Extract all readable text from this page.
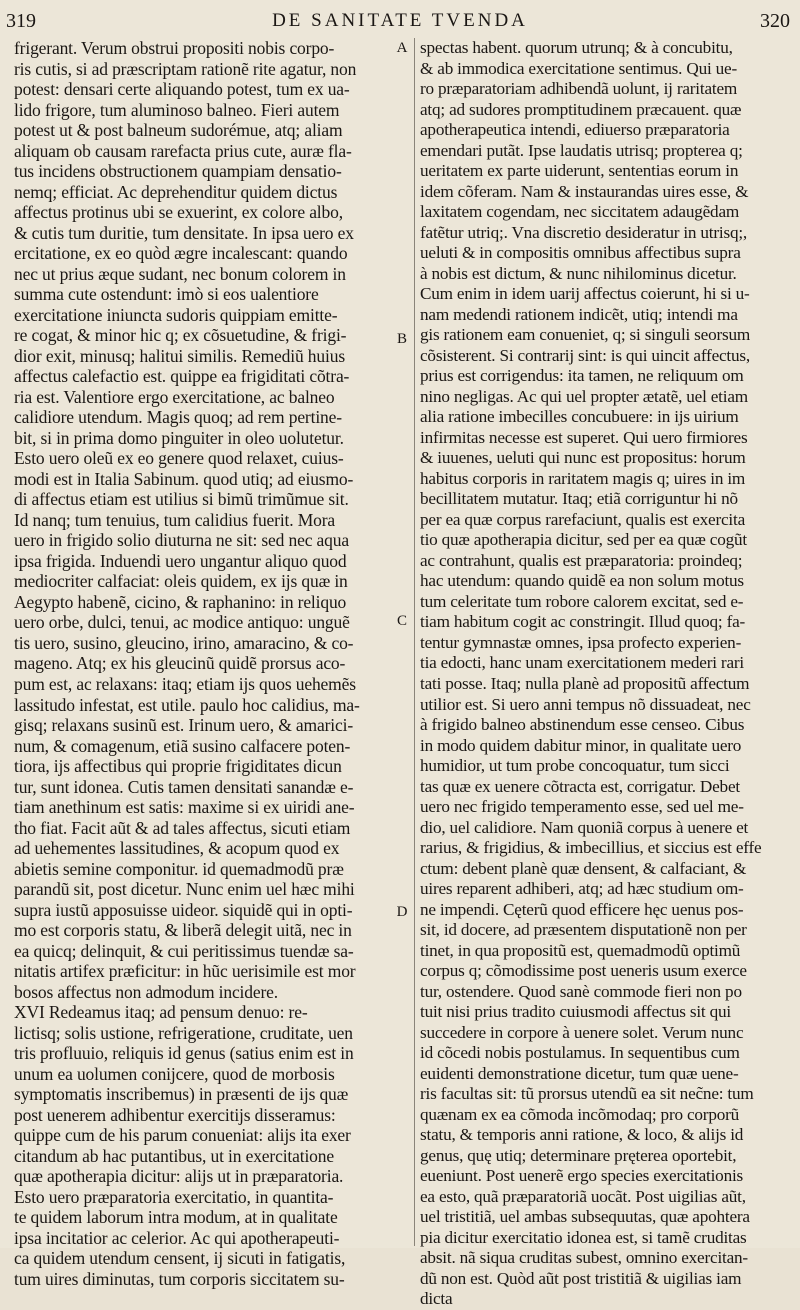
319	DE SANITATE TVENDA	320
frigerant. Verum obstrui propositi nobis corpo-
ris cutis, si ad præscriptam rationẽ rite agatur, non
potest: densari certe aliquando potest, tum ex ua-
lido frigore, tum aluminoso balneo. Fieri autem
potest ut & post balneum sudorémue, atq; aliam
aliquam ob causam rarefacta prius cute, auræ fla-
tus incidens obstructionem quampiam densatio-
nemq; efficiat. Ac deprehenditur quidem dictus
affectus protinus ubi se exuerint, ex colore albo,
& cutis tum duritie, tum densitate. In ipsa uero ex
ercitatione, ex eo quòd ægre incalescant: quando
nec ut prius æque sudant, nec bonum colorem in
summa cute ostendunt: imò si eos ualentiore
exercitatione iniuncta sudoris quippiam emitte-
re cogat, & minor hic q; ex cõsuetudine, & frigi-
dior exit, minusq; halitui similis. Remediũ huius
affectus calefactio est. quippe ea frigiditati cõtra-
ria est. Valentiore ergo exercitatione, ac balneo
calidiore utendum. Magis quoq; ad rem pertine-
bit, si in prima domo pinguiter in oleo uolutetur.
Esto uero oleũ ex eo genere quod relaxet, cuius-
modi est in Italia Sabinum. quod utiq; ad eiusmo-
di affectus etiam est utilius si bimũ trimũmue sit.
Id nanq; tum tenuius, tum calidius fuerit. Mora
uero in frigido solio diuturna ne sit: sed nec aqua
ipsa frigida. Induendi uero ungantur aliquo quod
mediocriter calfaciat: oleis quidem, ex ijs quæ in
Aegypto habenẽ, cicino, & raphanino: in reliquo
uero orbe, dulci, tenui, ac modice antiquo: unguẽ
tis uero, susino, gleucino, irino, amaracino, & co-
mageno. Atq; ex his gleucinũ quidẽ prorsus aco-
pum est, ac relaxans: itaq; etiam ijs quos uehemẽs
lassitudo infestat, est utile. paulo hoc calidius, ma-
gisq; relaxans susinũ est. Irinum uero, & amarici-
num, & comagenum, etiã susino calfacere poten-
tiora, ijs affectibus qui proprie frigiditates dicun
tur, sunt idonea. Cutis tamen densitati sanandæ e-
tiam anethinum est satis: maxime si ex uiridi ane-
tho fiat. Facit aũt & ad tales affectus, sicuti etiam
ad uehementes lassitudines, & acopum quod ex
abietis semine componitur. id quemadmodũ præ
parandũ sit, post dicetur. Nunc enim uel hæc mihi
supra iustũ apposuisse uideor. siquidẽ qui in opti-
mo est corporis statu, & liberã delegit uitã, nec in
ea quicq; delinquit, & cui peritissimus tuendæ sa-
nitatis artifex præficitur: in hũc uerisimile est mor
bosos affectus non admodum incidere.
XVI Redeamus itaq; ad pensum denuo: re-
lictisq; solis ustione, refrigeratione, cruditate, uen
tris profluuio, reliquis id genus (satius enim est in
unum ea uolumen conijcere, quod de morbosis
symptomatis inscribemus) in præsenti de ijs quæ
post uenerem adhibentur exercitijs disseramus:
quippe cum de his parum conueniat: alijs ita exer
citandum ab hac putantibus, ut in exercitatione
quæ apotherapia dicitur: alijs ut in præparatoria.
Esto uero præparatoria exercitatio, in quantita-
te quidem laborum intra modum, at in qualitate
ipsa incitatior ac celerior. Ac qui apotherapeuti-
ca quidem utendum censent, ij sicuti in fatigatis,
tum uires diminutas, tum corporis siccitatem su-
A
B
C
D
spectas habent. quorum utrunq; & à concubitu,
& ab immodica exercitatione sentimus. Qui ue-
ro præparatoriam adhibendã uolunt, ij raritatem
atq; ad sudores promptitudinem præcauent. quæ
apotherapeutica intendi, ediuerso præparatoria
emendari putãt. Ipse laudatis utrisq; propterea q;
ueritatem ex parte uiderunt, sententias eorum in
idem cõferam. Nam & instaurandas uires esse, &
laxitatem cogendam, nec siccitatem adaugẽdam
fatẽtur utriq;. Vna discretio desideratur in utrisq;,
ueluti & in compositis omnibus affectibus supra
à nobis est dictum, & nunc nihilominus dicetur.
Cum enim in idem uarij affectus coierunt, hi si u-
nam medendi rationem indicẽt, utiq; intendi ma
gis rationem eam conueniet, q; si singuli seorsum
cõsisterent. Si contrarij sint: is qui uincit affectus,
prius est corrigendus: ita tamen, ne reliquum om
nino negligas. Ac qui uel propter ætatẽ, uel etiam
alia ratione imbecilles concubuere: in ijs uirium
infirmitas necesse est superet. Qui uero firmiores
& iuuenes, ueluti qui nunc est propositus: horum
habitus corporis in raritatem magis q; uires in im
becillitatem mutatur. Itaq; etiã corriguntur hi nõ
per ea quæ corpus rarefaciunt, qualis est exercita
tio quæ apotherapia dicitur, sed per ea quæ cogũt
ac contrahunt, qualis est præparatoria: proindeq;
hac utendum: quando quidẽ ea non solum motus
tum celeritate tum robore calorem excitat, sed e-
tiam habitum cogit ac constringit. Illud quoq; fa-
tentur gymnastæ omnes, ipsa profecto experien-
tia edocti, hanc unam exercitationem mederi rari
tati posse. Itaq; nulla planè ad propositũ affectum
utilior est. Si uero anni tempus nõ dissuadeat, nec
à frigido balneo abstinendum esse censeo. Cibus
in modo quidem dabitur minor, in qualitate uero
humidior, ut tum probe concoquatur, tum sicci
tas quæ ex uenere cõtracta est, corrigatur. Debet
uero nec frigido temperamento esse, sed uel me-
dio, uel calidiore. Nam quoniã corpus à uenere et
rarius, & frigidius, & imbecillius, et siccius est effe
ctum: debent planè quæ densent, & calfaciant, &
uires reparent adhiberi, atq; ad hæc studium om-
ne impendi. Cęterũ quod efficere hęc uenus pos-
sit, id docere, ad præsentem disputationẽ non per
tinet, in qua propositũ est, quemadmodũ optimũ
corpus q; cõmodissime post ueneris usum exerce
tur, ostendere. Quod sanè commode fieri non po
tuit nisi prius tradito cuiusmodi affectus sit qui
succedere in corpore à uenere solet. Verum nunc
id cõcedi nobis postulamus. In sequentibus cum
euidenti demonstratione dicetur, tum quæ uene-
ris facultas sit: tũ prorsus utendũ ea sit nec̃ne: tum
quænam ex ea cõmoda incõmodaq; pro corporũ
statu, & temporis anni ratione, & loco, & alijs id
genus, quę utiq; determinare pręterea oportebit,
eueniunt. Post uenerẽ ergo species exercitationis
ea esto, quã præparatoriã uocãt. Post uigilias aũt,
uel tristitiã, uel ambas subsequutas, quæ apohtera
pia dicitur exercitatio idonea est, si tamẽ cruditas
absit. nã siqua cruditas subest, omnino exercitan-
dũ non est. Quòd aũt post tristitiã & uigilias iam
dicta
